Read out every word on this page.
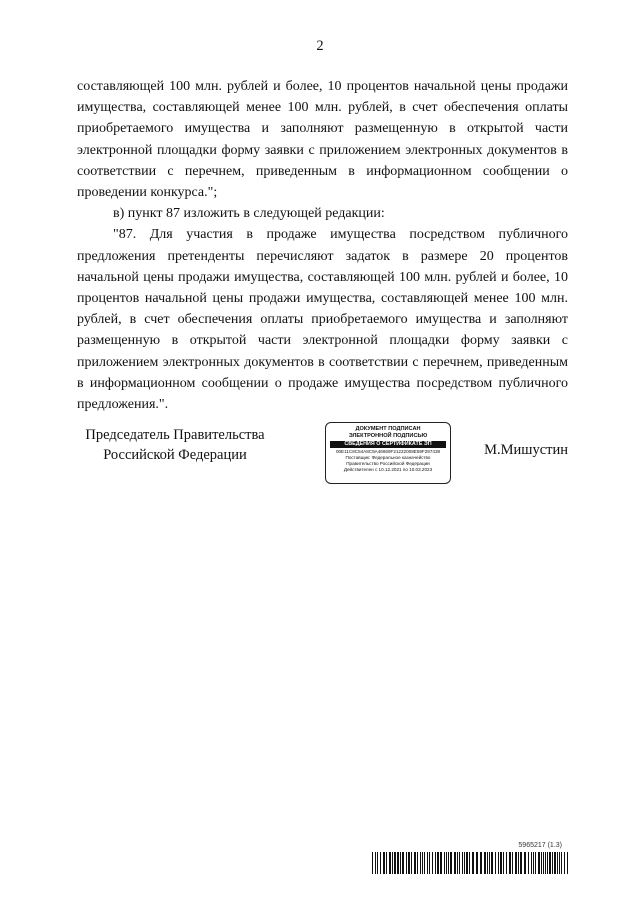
2

составляющей 100 млн. рублей и более, 10 процентов начальной цены продажи имущества, составляющей менее 100 млн. рублей, в счет обеспечения оплаты приобретаемого имущества и заполняют размещенную в открытой части электронной площадки форму заявки с приложением электронных документов в соответствии с перечнем, приведенным в информационном сообщении о проведении конкурса.";

в) пункт 87 изложить в следующей редакции:

"87. Для участия в продаже имущества посредством публичного предложения претенденты перечисляют задаток в размере 20 процентов начальной цены продажи имущества, составляющей 100 млн. рублей и более, 10 процентов начальной цены продажи имущества, составляющей менее 100 млн. рублей, в счет обеспечения оплаты приобретаемого имущества и заполняют размещенную в открытой части электронной площадки форму заявки с приложением электронных документов в соответствии с перечнем, приведенным в информационном сообщении о продаже имущества посредством публичного предложения.".

Председатель Правительства
Российской Федерации
ДОКУМЕНТ ПОДПИСАН
ЭЛЕКТРОННОЙ ПОДПИСЬЮ
СВЕДЕНИЯ О СЕРТИФИКАТЕ ЭП
00E11C8C54A8C9A46669F21222008E59F297438
Поставщик: Федеральное казначейство
Правительство Российской Федерации
Действителен с 10.12.2021 по 10.03.2023
М.Мишустин
5965217 (1.3)
